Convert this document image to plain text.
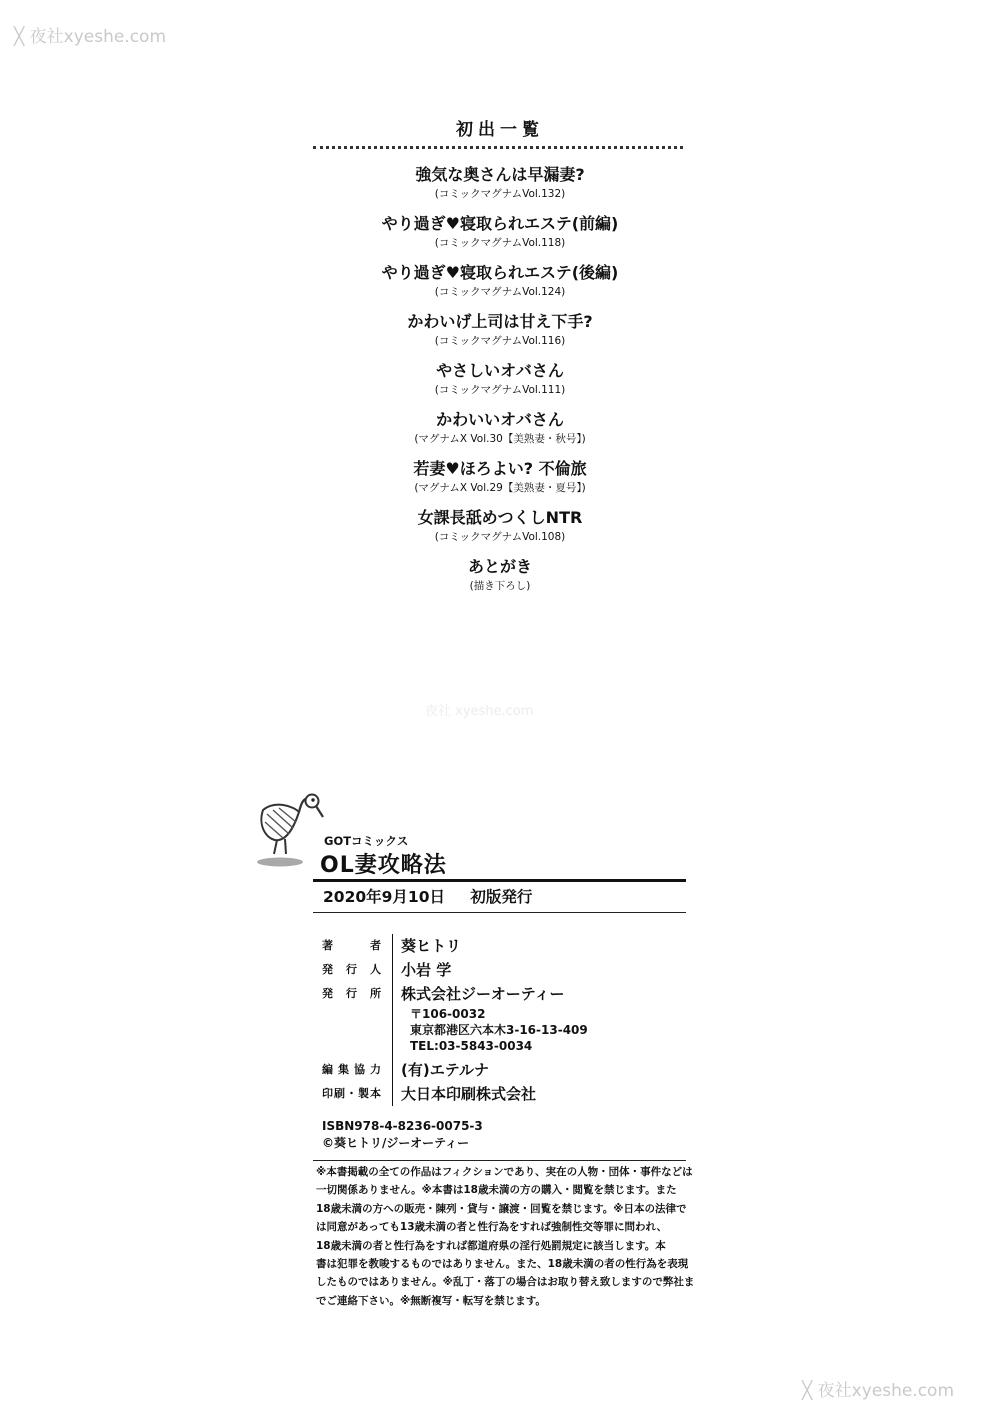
╳ 夜社xyeshe.com
夜社 xyeshe.com
初出一覧
強気な奥さんは早漏妻?
(コミックマグナムVol.132)
やり過ぎ♥寝取られエステ(前編)
(コミックマグナムVol.118)
やり過ぎ♥寝取られエステ(後編)
(コミックマグナムVol.124)
かわいげ上司は甘え下手?
(コミックマグナムVol.116)
やさしいオバさん
(コミックマグナムVol.111)
かわいいオバさん
(マグナムX Vol.30【美熟妻・秋号】)
若妻♥ほろよい? 不倫旅
(マグナムX Vol.29【美熟妻・夏号】)
女課長舐めつくしNTR
(コミックマグナムVol.108)
あとがき
(描き下ろし)
GOTコミックス
OL妻攻略法
2020年9月10日 初版発行
著者 葵ヒトリ
発行人 小岩 学
発行所 株式会社ジーオーティー
〒106-0032
東京都港区六本木3-16-13-409
TEL:03-5843-0034
編集協力 (有)エテルナ
印刷・製本 大日本印刷株式会社
ISBN978-4-8236-0075-3
©葵ヒトリ/ジーオーティー
※本書掲載の全ての作品はフィクションであり、実在の人物・団体・事件などは
一切関係ありません。※本書は18歳未満の方の購入・閲覧を禁じます。また
18歳未満の方への販売・陳列・貸与・譲渡・回覧を禁じます。※日本の法律で
は同意があっても13歳未満の者と性行為をすれば強制性交等罪に問われ、
18歳未満の者と性行為をすれば都道府県の淫行処罰規定に該当します。本
書は犯罪を教唆するものではありません。また、18歳未満の者の性行為を表現
したものではありません。※乱丁・落丁の場合はお取り替え致しますので弊社ま
でご連絡下さい。※無断複写・転写を禁じます。
╳ 夜社xyeshe.com
